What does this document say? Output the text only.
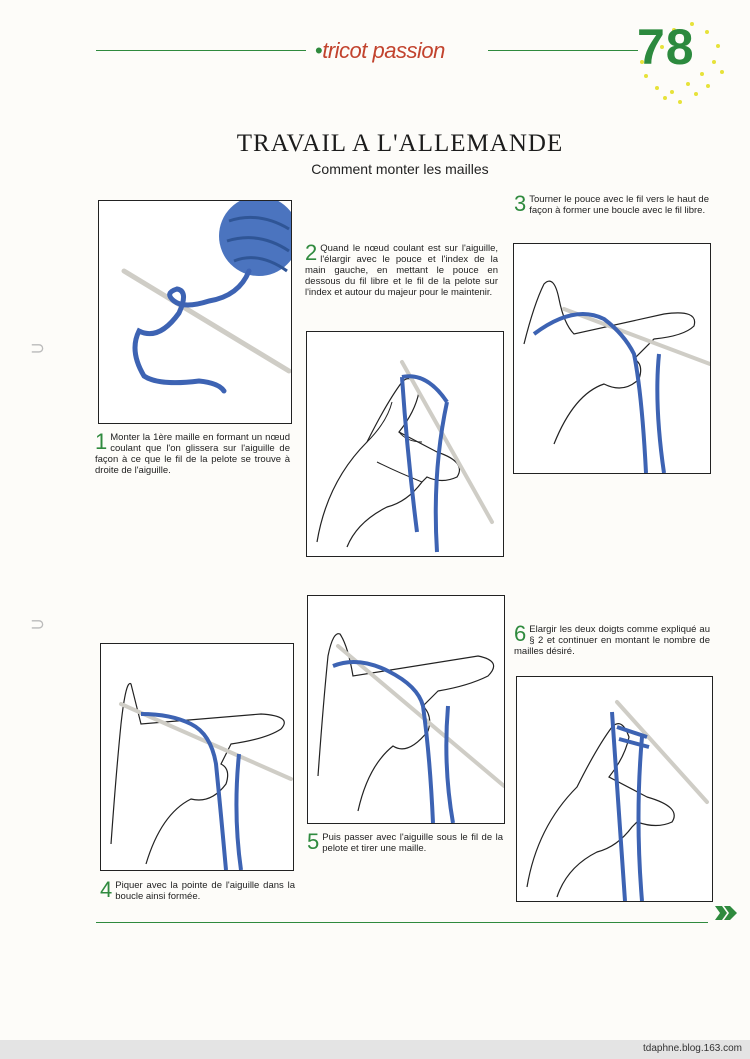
•tricot passion	78
TRAVAIL A L'ALLEMANDE
Comment monter les mailles
⊃
⊃
1 Monter la 1ère maille en formant un nœud coulant que l'on glissera sur l'aiguille de façon à ce que le fil de la pelote se trouve à droite de l'aiguille.
2 Quand le nœud coulant est sur l'aiguille, l'élargir avec le pouce et l'index de la main gauche, en mettant le pouce en dessous du fil libre et le fil de la pelote sur l'index et autour du majeur pour le maintenir.
3 Tourner le pouce avec le fil vers le haut de façon à former une boucle avec le fil libre.
4 Piquer avec la pointe de l'aiguille dans la boucle ainsi formée.
5 Puis passer avec l'aiguille sous le fil de la pelote et tirer une maille.
6 Elargir les deux doigts comme expliqué au § 2 et continuer en montant le nombre de mailles désiré.
tdaphne.blog.163.com
